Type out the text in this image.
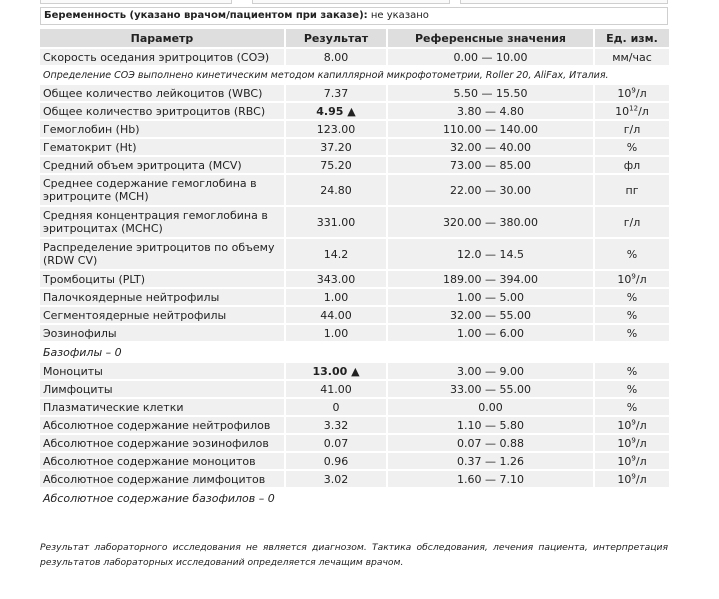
Беременность (указано врачом/пациентом при заказе): не указано
Параметр	Результат	Референсные значения	Ед. изм.
Скорость оседания эритроцитов (СОЭ)	8.00	0.00 — 10.00	мм/час
Определение СОЭ выполнено кинетическим методом капиллярной микрофотометрии, Roller 20, AliFax, Италия.			
Общее количество лейкоцитов (WBC)	7.37	5.50 — 15.50	$10^9/л$
Общее количество эритроцитов (RBC)	4.95 ▲	3.80 — 4.80	$10^{12}/л$
Гемоглобин (Hb)	123.00	110.00 — 140.00	г/л
Гематокрит (Ht)	37.20	32.00 — 40.00	%
Средний объем эритроцита (MCV)	75.20	73.00 — 85.00	фл
Среднее содержание гемоглобина в эритроците (MCH)	24.80	22.00 — 30.00	пг
Средняя концентрация гемоглобина в эритроцитах (MCHC)	331.00	320.00 — 380.00	г/л
Распределение эритроцитов по объему (RDW CV)	14.2	12.0 — 14.5	%
Тромбоциты (PLT)	343.00	189.00 — 394.00	$10^9/л$
Палочкоядерные нейтрофилы	1.00	1.00 — 5.00	%
Сегментоядерные нейтрофилы	44.00	32.00 — 55.00	%
Эозинофилы	1.00	1.00 — 6.00	%
Базофилы – 0			
Моноциты	13.00 ▲	3.00 — 9.00	%
Лимфоциты	41.00	33.00 — 55.00	%
Плазматические клетки	0	0.00	%
Абсолютное содержание нейтрофилов	3.32	1.10 — 5.80	$10^9/л$
Абсолютное содержание эозинофилов	0.07	0.07 — 0.88	$10^9/л$
Абсолютное содержание моноцитов	0.96	0.37 — 1.26	$10^9/л$
Абсолютное содержание лимфоцитов	3.02	1.60 — 7.10	$10^9/л$
Абсолютное содержание базофилов – 0			
Результат лабораторного исследования не является диагнозом. Тактика обследования, лечения пациента, интерпретация результатов лабораторных исследований определяется лечащим врачом.
